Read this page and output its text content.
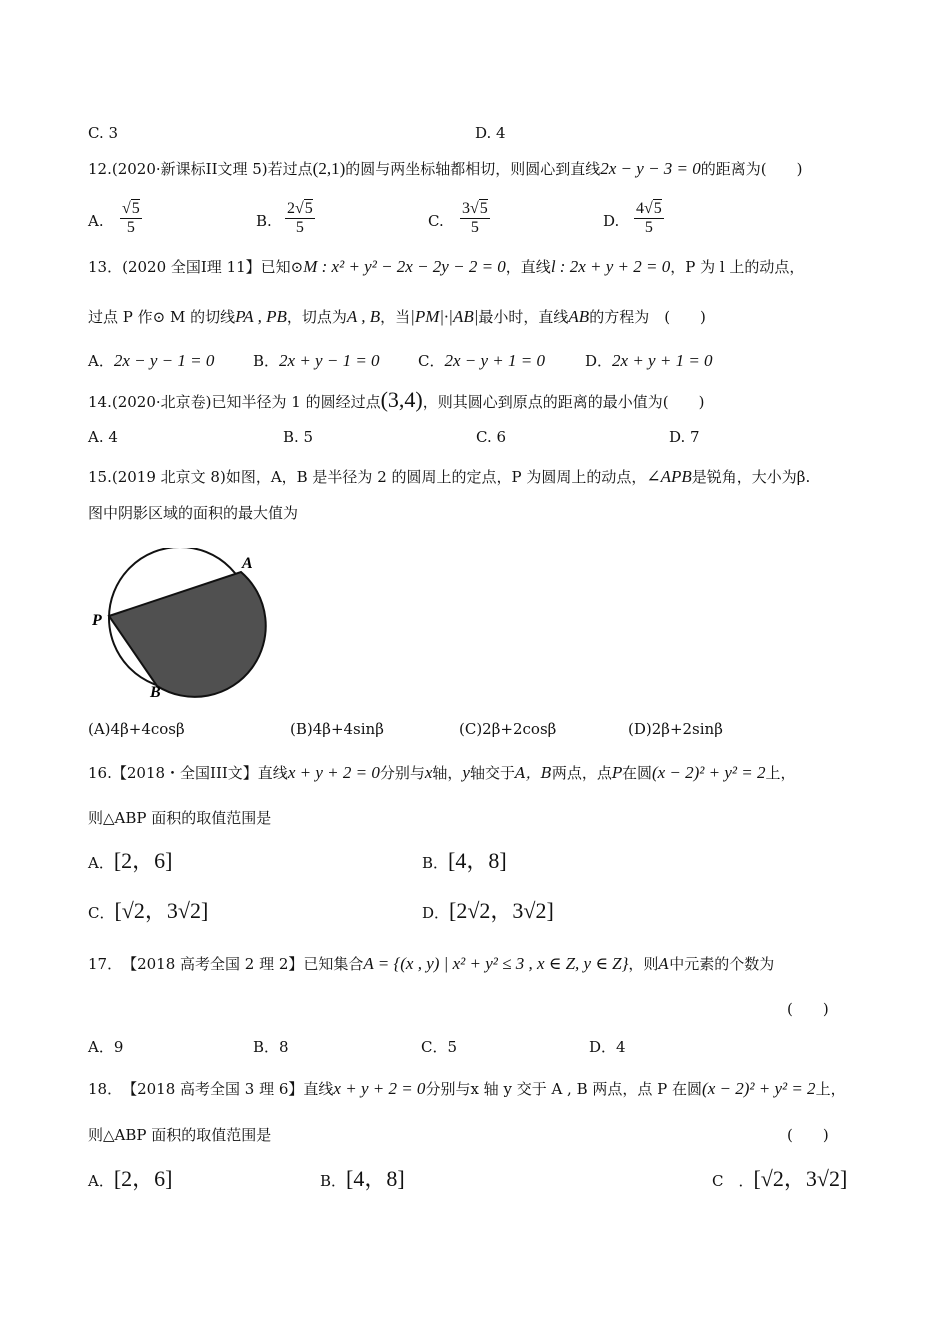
C. 3	D. 4
12.(2020·新课标II文理 5)若过点(2,1)的圆与两坐标轴都相切，则圆心到直线2x − y − 3 = 0的距离为(　　)
A. $\frac{√5}{5}$	B. $\frac{2√5}{5}$	C. $\frac{3√5}{5}$	D. $\frac{4√5}{5}$
13．(2020 全国Ⅰ理 11】已知⊙M : x² + y² − 2x − 2y − 2 = 0，直线l : 2x + y + 2 = 0，P 为 l 上的动点，
过点 P 作⊙ M 的切线PA , PB，切点为A , B，当|PM|·|AB|最小时，直线AB的方程为　(　　)
A．2x − y − 1 = 0	B．2x + y − 1 = 0	C．2x − y + 1 = 0	D．2x + y + 1 = 0
14.(2020·北京卷)已知半径为 1 的圆经过点(3,4)，则其圆心到原点的距离的最小值为(　　)
A. 4	B. 5	C. 6	D. 7
15.(2019 北京文 8)如图，A，B 是半径为 2 的圆周上的定点，P 为圆周上的动点，∠APB是锐角，大小为β.
图中阴影区域的面积的最大值为
A
P
B
(A)4β+4cosβ	(B)4β+4sinβ	(C)2β+2cosβ	(D)2β+2sinβ
16.【2018・全国III文】直线x + y + 2 = 0分别与x轴，y轴交于A，B两点，点P在圆(x − 2)² + y² = 2上，
则△ABP 面积的取值范围是
A．[2，6]	B．[4，8]
C．[√2，3√2]	D．[2√2，3√2]
17．　【2018 高考全国 2 理 2】已知集合A = {(x , y) | x² + y² ≤ 3 , x ∈ Z, y ∈ Z}，则A中元素的个数为
(　　)
A．9	B．8	C．5	D．4
18．　【2018 高考全国 3 理 6】直线x + y + 2 = 0分别与x 轴 y 交于 A , B 两点，点 P 在圆(x − 2)² + y² = 2上，
则△ABP 面积的取值范围是	(　　)
A．[2，6]	B．[4，8]	C　．[√2，3√2]
